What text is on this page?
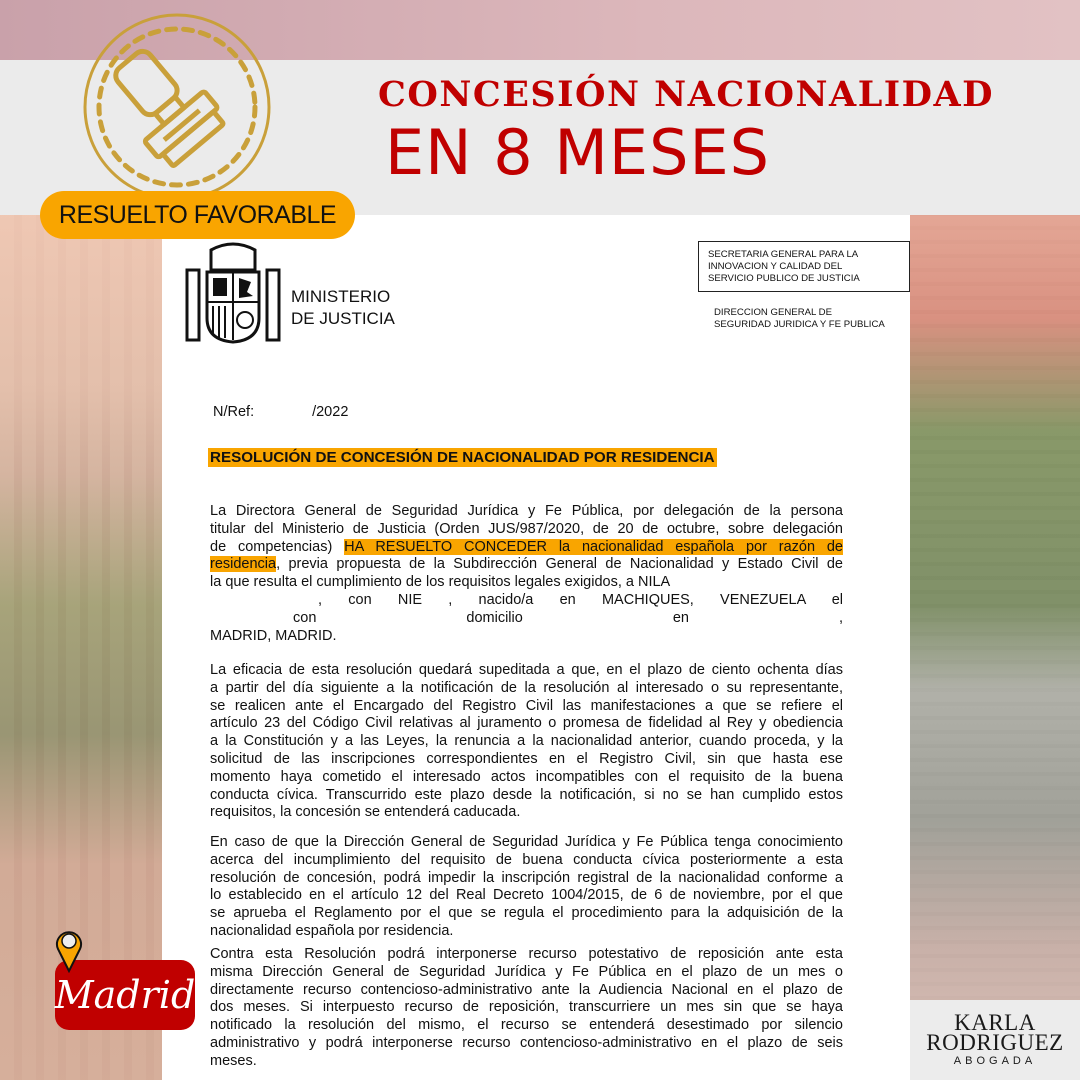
CONCESIÓN NACIONALIDAD
EN 8 MESES
RESUELTO FAVORABLE
MINISTERIO
DE JUSTICIA
SECRETARIA GENERAL PARA LA
INNOVACION Y CALIDAD DEL
SERVICIO PUBLICO DE JUSTICIA
DIRECCION GENERAL DE
SEGURIDAD JURIDICA Y FE PUBLICA
N/Ref:	/2022
RESOLUCIÓN DE CONCESIÓN DE NACIONALIDAD POR RESIDENCIA
La Directora General de Seguridad Jurídica y Fe Pública, por delegación de la persona
titular del Ministerio de Justicia (Orden JUS/987/2020, de 20 de octubre, sobre delegación
de competencias) HA RESUELTO CONCEDER la nacionalidad española por razón de
residencia, previa propuesta de la Subdirección General de Nacionalidad y Estado Civil de
la que resulta el cumplimiento de los requisitos legales exigidos, a NILA
, con NIE , nacido/a en MACHIQUES, VENEZUELA el
con domicilio en ,
MADRID, MADRID.
La eficacia de esta resolución quedará supeditada a que, en el plazo de ciento ochenta días
a partir del día siguiente a la notificación de la resolución al interesado o su representante,
se realicen ante el Encargado del Registro Civil las manifestaciones a que se refiere el
artículo 23 del Código Civil relativas al juramento o promesa de fidelidad al Rey y obediencia
a la Constitución y a las Leyes, la renuncia a la nacionalidad anterior, cuando proceda, y la
solicitud de las inscripciones correspondientes en el Registro Civil, sin que hasta ese
momento haya cometido el interesado actos incompatibles con el requisito de la buena
conducta cívica. Transcurrido este plazo desde la notificación, si no se han cumplido estos
requisitos, la concesión se entenderá caducada.
En caso de que la Dirección General de Seguridad Jurídica y Fe Pública tenga conocimiento
acerca del incumplimiento del requisito de buena conducta cívica posteriormente a esta
resolución de concesión, podrá impedir la inscripción registral de la nacionalidad conforme a
lo establecido en el artículo 12 del Real Decreto 1004/2015, de 6 de noviembre, por el que
se aprueba el Reglamento por el que se regula el procedimiento para la adquisición de la
nacionalidad española por residencia.
Contra esta Resolución podrá interponerse recurso potestativo de reposición ante esta
misma Dirección General de Seguridad Jurídica y Fe Pública en el plazo de un mes o
directamente recurso contencioso-administrativo ante la Audiencia Nacional en el plazo de
dos meses. Si interpuesto recurso de reposición, transcurriere un mes sin que se haya
notificado la resolución del mismo, el recurso se entenderá desestimado por silencio
administrativo y podrá interponerse recurso contencioso-administrativo en el plazo de seis
meses.
Madrid
KARLA
RODRIGUEZ
ABOGADA
